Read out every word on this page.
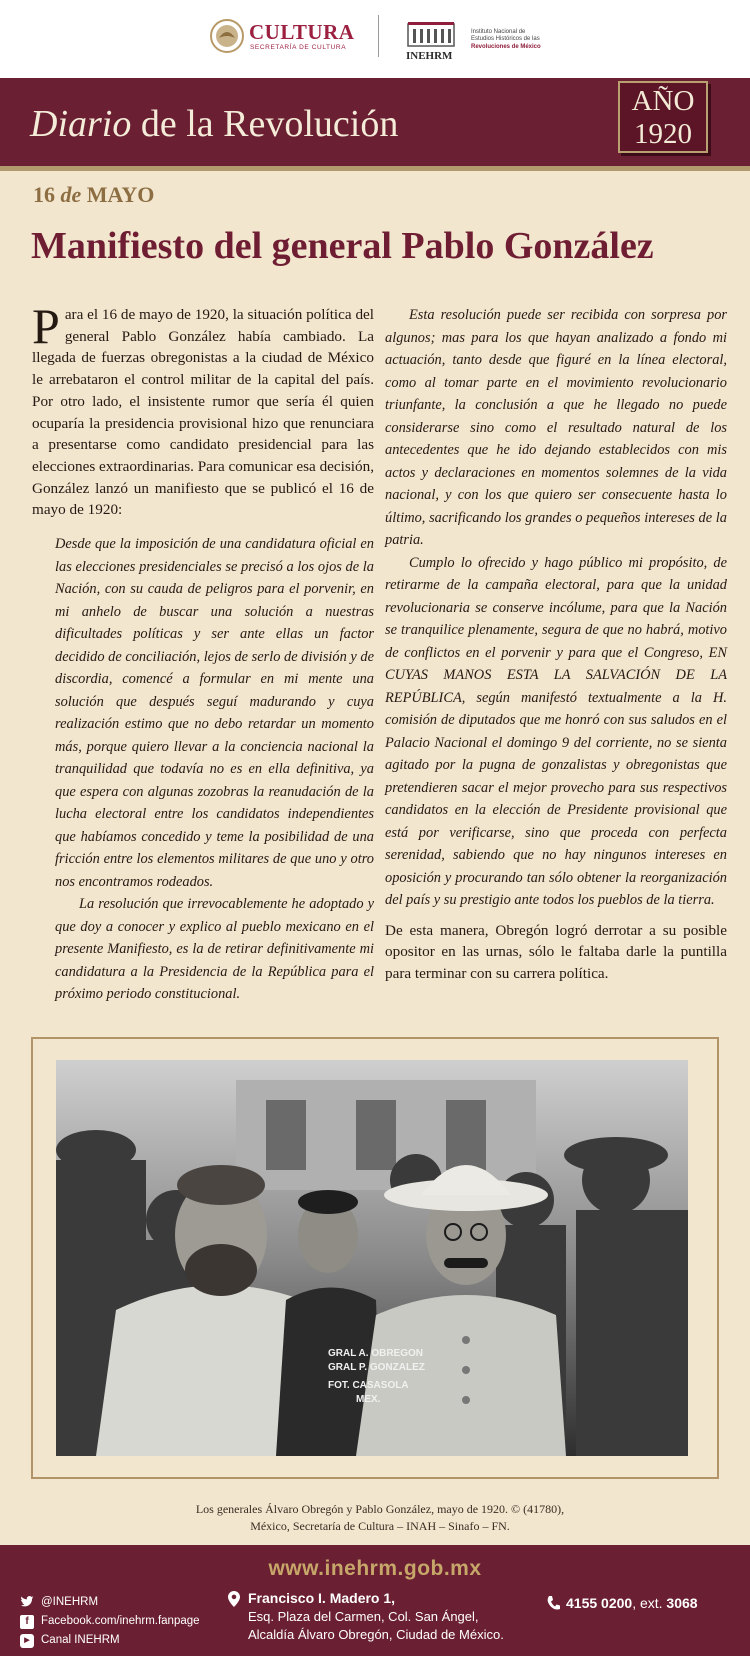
CULTURA
SECRETARÍA DE CULTURA
INEHRM
Instituto Nacional de
Estudios Históricos de las
Revoluciones de México
Diario de la Revolución
AÑO
1920
16 de MAYO
Manifiesto del general Pablo González

Para el 16 de mayo de 1920, la situación política del general Pablo González había cambiado. La llegada de fuerzas obregonistas a la ciudad de México le arrebataron el control militar de la capital del país. Por otro lado, el insistente rumor que sería él quien ocuparía la presidencia provisional hizo que renunciara a presentarse como candidato presidencial para las elecciones extraordinarias. Para comunicar esa decisión, González lanzó un manifiesto que se publicó el 16 de mayo de 1920:

Desde que la imposición de una candidatura oficial en las elecciones presidenciales se precisó a los ojos de la Nación, con su cauda de peligros para el porvenir, en mi anhelo de buscar una solución a nuestras dificultades políticas y ser ante ellas un factor decidido de conciliación, lejos de serlo de división y de discordia, comencé a formular en mi mente una solución que después seguí madurando y cuya realización estimo que no debo retardar un momento más, porque quiero llevar a la conciencia nacional la tranquilidad que todavía no es en ella definitiva, ya que espera con algunas zozobras la reanudación de la lucha electoral entre los candidatos independientes que habíamos concedido y teme la posibilidad de una fricción entre los elementos militares de que uno y otro nos encontramos rodeados.

La resolución que irrevocablemente he adoptado y que doy a conocer y explico al pueblo mexicano en el presente Manifiesto, es la de retirar definitivamente mi candidatura a la Presidencia de la República para el próximo periodo constitucional.

Esta resolución puede ser recibida con sorpresa por algunos; mas para los que hayan analizado a fondo mi actuación, tanto desde que figuré en la línea electoral, como al tomar parte en el movimiento revolucionario triunfante, la conclusión a que he llegado no puede considerarse sino como el resultado natural de los antecedentes que he ido dejando establecidos con mis actos y declaraciones en momentos solemnes de la vida nacional, y con los que quiero ser consecuente hasta lo último, sacrificando los grandes o pequeños intereses de la patria.

Cumplo lo ofrecido y hago público mi propósito, de retirarme de la campaña electoral, para que la unidad revolucionaria se conserve incólume, para que la Nación se tranquilice plenamente, segura de que no habrá, motivo de conflictos en el porvenir y para que el Congreso, EN CUYAS MANOS ESTA LA SALVACIÓN DE LA REPÚBLICA, según manifestó textualmente a la H. comisión de diputados que me honró con sus saludos en el Palacio Nacional el domingo 9 del corriente, no se sienta agitado por la pugna de gonzalistas y obregonistas que pretendieren sacar el mejor provecho para sus respectivos candidatos en la elección de Presidente provisional que está por verificarse, sino que proceda con perfecta serenidad, sabiendo que no hay ningunos intereses en oposición y procurando tan sólo obtener la reorganización del país y su prestigio ante todos los pueblos de la tierra.

De esta manera, Obregón logró derrotar a su posible opositor en las urnas, sólo le faltaba darle la puntilla para terminar con su carrera política.

GRAL A. OBREGON
GRAL P. GONZALEZ
FOT. CASASOLA
MEX.
Los generales Álvaro Obregón y Pablo González, mayo de 1920. © (41780),
México, Secretaría de Cultura – INAH – Sinafo – FN.
www.inehrm.gob.mx
@INEHRM
f	Facebook.com/inehrm.fanpage
▶ Canal INEHRM
Francisco I. Madero 1,
Esq. Plaza del Carmen, Col. San Ángel,
Alcaldía Álvaro Obregón, Ciudad de México.
4155 0200, ext. 3068
